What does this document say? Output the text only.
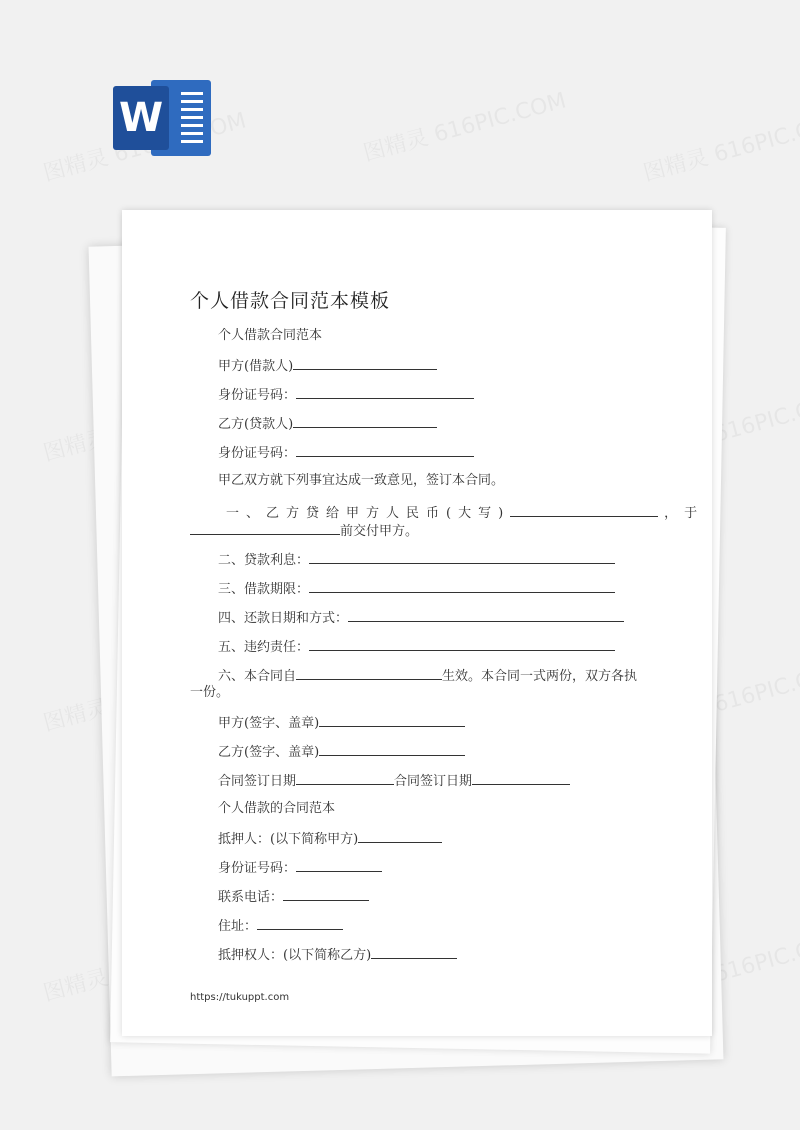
W
个人借款合同范本模板
个人借款合同范本
甲方(借款人)
身份证号码：
乙方(贷款人)
身份证号码：
甲乙双方就下列事宜达成一致意见，签订本合同。
一、乙方贷给甲方人民币(大写)	，于
前交付甲方。
二、贷款利息：
三、借款期限：
四、还款日期和方式：
五、违约责任：
六、本合同自	生效。本合同一式两份，双方各执
一份。
甲方(签字、盖章)
乙方(签字、盖章)
合同签订日期	合同签订日期
个人借款的合同范本
抵押人：(以下简称甲方)
身份证号码：
联系电话：
住址：
抵押权人：(以下简称乙方)
https://tukuppt.com
